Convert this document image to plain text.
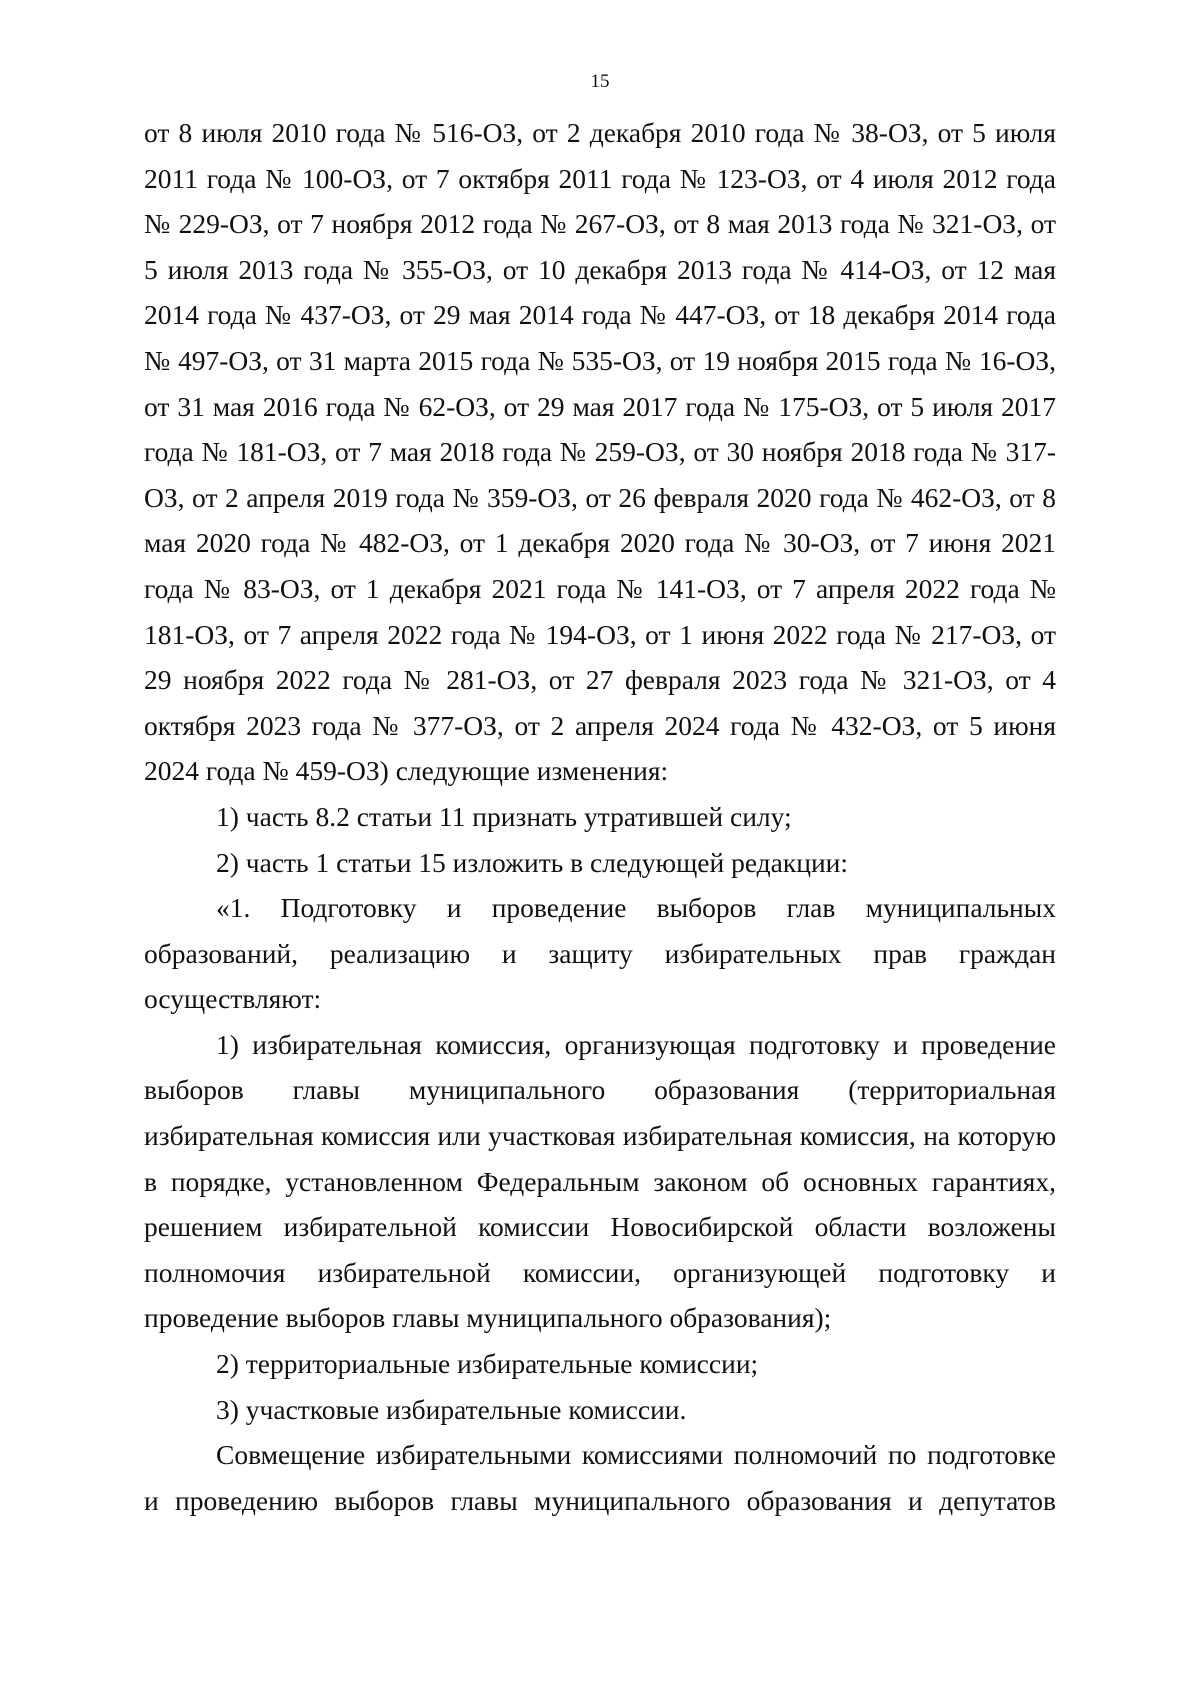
15

от 8 июля 2010 года № 516-ОЗ, от 2 декабря 2010 года № 38-ОЗ, от 5 июля 2011 года № 100-ОЗ, от 7 октября 2011 года № 123-ОЗ, от 4 июля 2012 года № 229-ОЗ, от 7 ноября 2012 года № 267-ОЗ, от 8 мая 2013 года № 321-ОЗ, от 5 июля 2013 года № 355-ОЗ, от 10 декабря 2013 года № 414-ОЗ, от 12 мая 2014 года № 437-ОЗ, от 29 мая 2014 года № 447-ОЗ, от 18 декабря 2014 года № 497-ОЗ, от 31 марта 2015 года № 535-ОЗ, от 19 ноября 2015 года № 16-ОЗ, от 31 мая 2016 года № 62-ОЗ, от 29 мая 2017 года № 175-ОЗ, от 5 июля 2017 года № 181-ОЗ, от 7 мая 2018 года № 259-ОЗ, от 30 ноября 2018 года № 317-ОЗ, от 2 апреля 2019 года № 359-ОЗ, от 26 февраля 2020 года № 462-ОЗ, от 8 мая 2020 года № 482-ОЗ, от 1 декабря 2020 года № 30-ОЗ, от 7 июня 2021 года № 83-ОЗ, от 1 декабря 2021 года № 141-ОЗ, от 7 апреля 2022 года № 181-ОЗ, от 7 апреля 2022 года № 194-ОЗ, от 1 июня 2022 года № 217-ОЗ, от 29 ноября 2022 года № 281-ОЗ, от 27 февраля 2023 года № 321-ОЗ, от 4 октября 2023 года № 377-ОЗ, от 2 апреля 2024 года № 432-ОЗ, от 5 июня 2024 года № 459-ОЗ) следующие изменения:

1) часть 8.2 статьи 11 признать утратившей силу;

2) часть 1 статьи 15 изложить в следующей редакции:

«1. Подготовку и проведение выборов глав муниципальных образований, реализацию и защиту избирательных прав граждан осуществляют:

1) избирательная комиссия, организующая подготовку и проведение выборов главы муниципального образования (территориальная избирательная комиссия или участковая избирательная комиссия, на которую в порядке, установленном Федеральным законом об основных гарантиях, решением избирательной комиссии Новосибирской области возложены полномочия избирательной комиссии, организующей подготовку и проведение выборов главы муниципального образования);

2) территориальные избирательные комиссии;

3) участковые избирательные комиссии.

Совмещение избирательными комиссиями полномочий по подготовке и проведению выборов главы муниципального образования и депутатов
